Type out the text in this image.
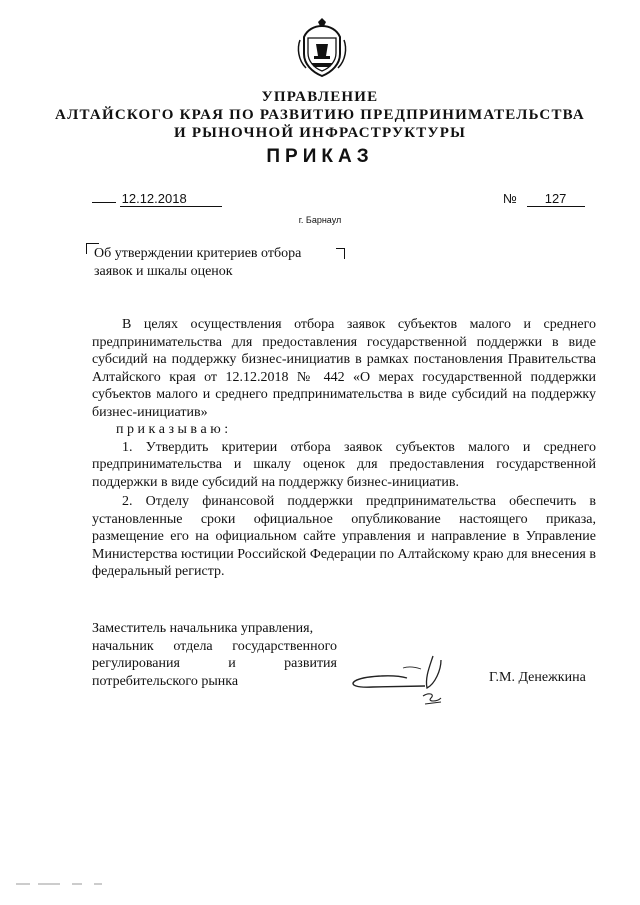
УПРАВЛЕНИЕ
АЛТАЙСКОГО КРАЯ ПО РАЗВИТИЮ ПРЕДПРИНИМАТЕЛЬСТВА
И РЫНОЧНОЙ ИНФРАСТРУКТУРЫ
ПРИКАЗ
12.12.2018	№ 127
г. Барнаул
Об утверждении критериев отбора
заявок и шкалы оценок

В целях осуществления отбора заявок субъектов малого и среднего предпринимательства для предоставления государственной поддержки в виде субсидий на поддержку бизнес-инициатив в рамках постановления Правительства Алтайского края от 12.12.2018 № 442 «О мерах государственной поддержки субъектов малого и среднего предпринимательства в виде субсидий на поддержку бизнес-инициатив»

п р и к а з ы в а ю :

1. Утвердить критерии отбора заявок субъектов малого и среднего предпринимательства и шкалу оценок для предоставления государственной поддержки в виде субсидий на поддержку бизнес-инициатив.

2. Отделу финансовой поддержки предпринимательства обеспечить в установленные сроки официальное опубликование настоящего приказа, размещение его на официальном сайте управления и направление в Управление Министерства юстиции Российской Федерации по Алтайскому краю для внесения в федеральный регистр.

Заместитель начальника управления,
начальник отдела государственного регулирования и развития потребительского рынка	Г.М. Денежкина
